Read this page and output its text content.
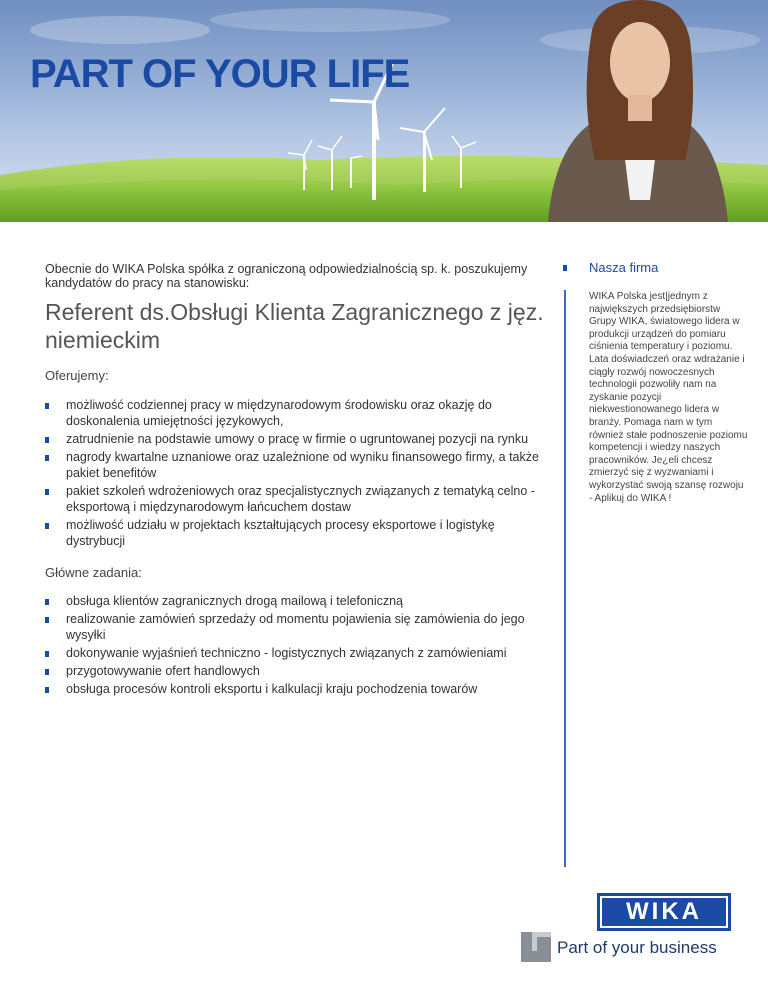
PART OF YOUR LIFE
Obecnie do WIKA Polska spółka z ograniczoną odpowiedzialnością sp. k. poszukujemy kandydatów do pracy na stanowisku:
Referent ds.Obsługi Klienta Zagranicznego z jęz. niemieckim
Oferujemy:
możliwość codziennej pracy w międzynarodowym środowisku oraz okazję do doskonalenia umiejętności językowych,
zatrudnienie na podstawie umowy o pracę w firmie o ugruntowanej pozycji na rynku
nagrody kwartalne uznaniowe oraz uzależnione od wyniku finansowego firmy, a także pakiet benefitów
pakiet szkoleń wdrożeniowych oraz specjalistycznych związanych z tematyką celno - eksportową i międzynarodowym łańcuchem dostaw
możliwość udziału w projektach kształtujących procesy eksportowe i logistykę dystrybucji
Główne zadania:
obsługa klientów zagranicznych drogą mailową i telefoniczną
realizowanie zamówień sprzedaży od momentu pojawienia się zamówienia do jego wysyłki
dokonywanie wyjaśnień techniczno - logistycznych związanych z zamówieniami
przygotowywanie ofert handlowych
obsługa procesów kontroli eksportu i kalkulacji kraju pochodzenia towarów
Nasza firma
WIKA Polska jest|jednym z największych przedsiębiorstw Grupy WIKA, światowego lidera w produkcji urządzeń do pomiaru ciśnienia temperatury i poziomu. Lata doświadczeń oraz wdrażanie i ciągły rozwój nowoczesnych technologii pozwoliły nam na zyskanie pozycji niekwestionowanego lidera w branży. Pomaga nam w tym również stałe podnoszenie poziomu kompetencji i wiedzy naszych pracowników. Je¿eli chcesz zmierzyć się z wyzwaniami i wykorzystać swoją szansę rozwoju - Aplikuj do WIKA !
WIKA
Part of your business
